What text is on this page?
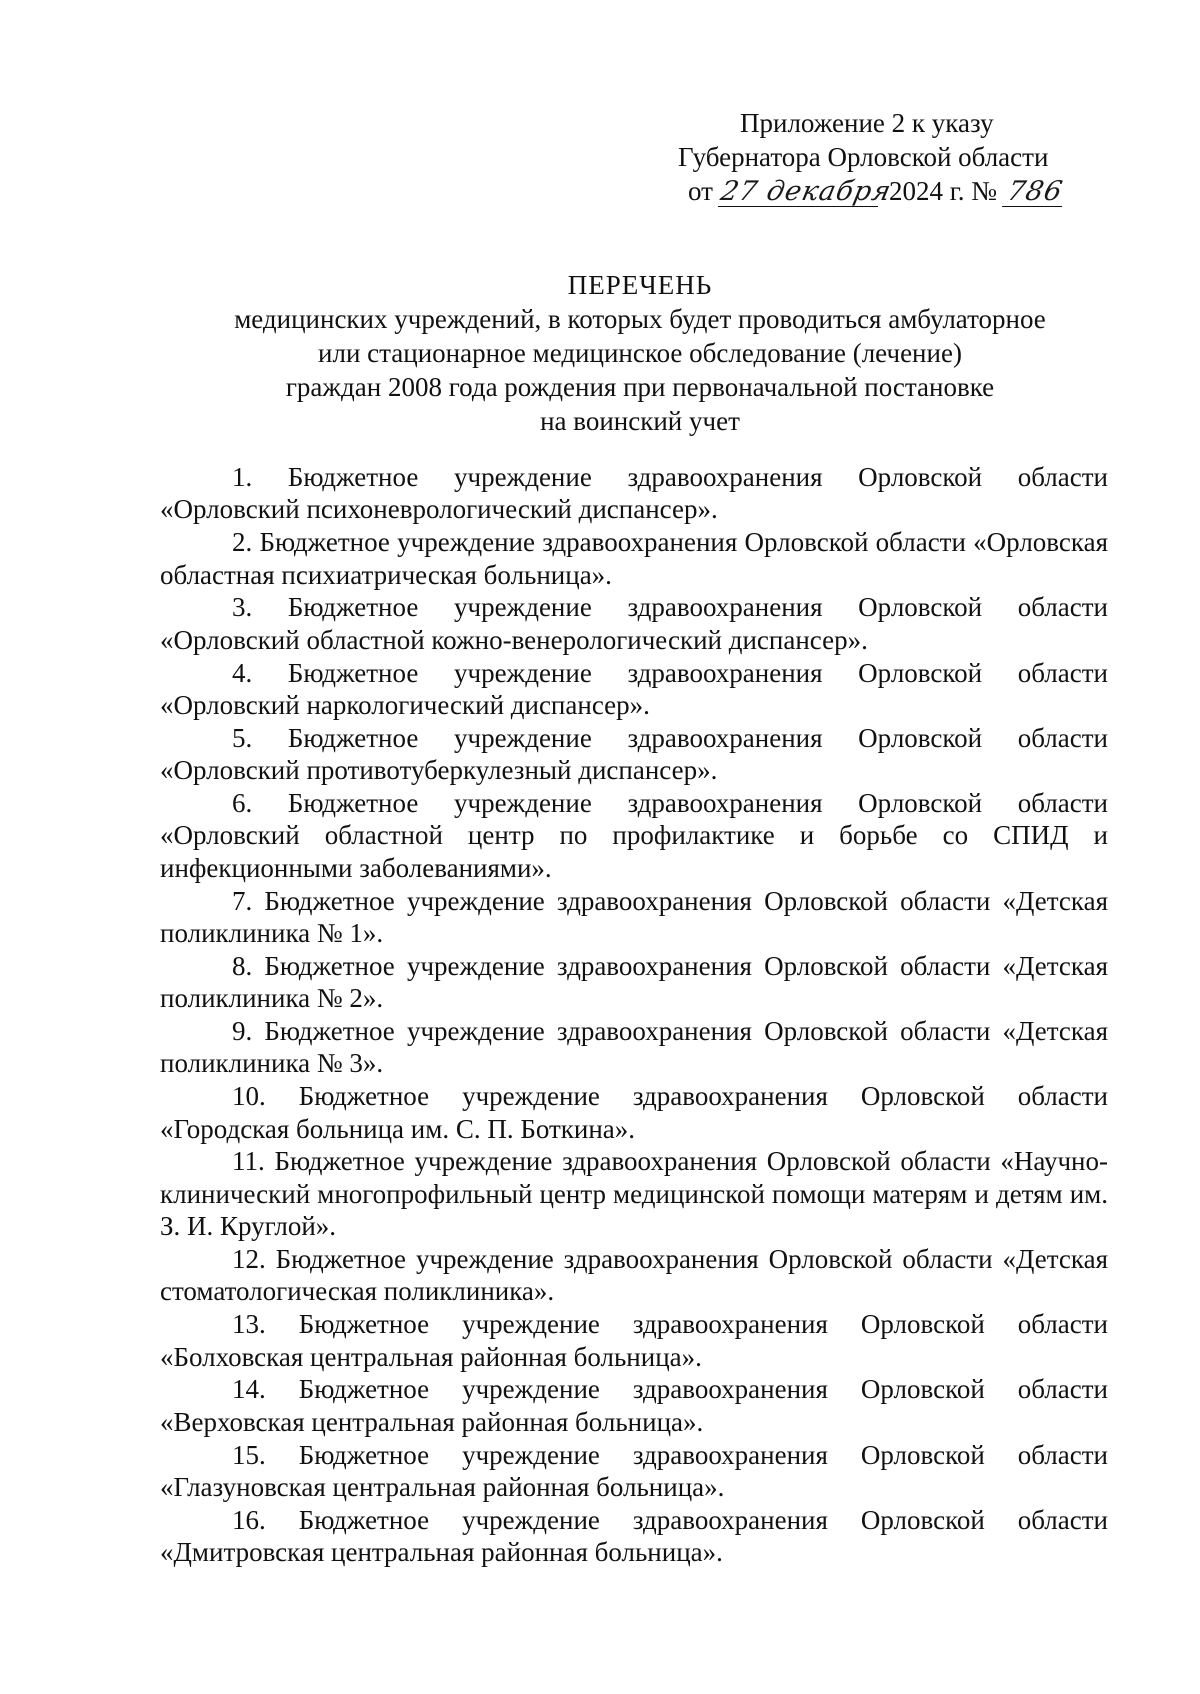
Приложение 2 к указу
Губернатора Орловской области
от 27 декабря
2024 г. № 786
ПЕРЕЧЕНЬ
медицинских учреждений, в которых будет проводиться амбулаторное
или стационарное медицинское обследование (лечение)
граждан 2008 года рождения при первоначальной постановке
на воинский учет

1. Бюджетное учреждение здравоохранения Орловской области «Орловский психоневрологический диспансер».

2. Бюджетное учреждение здравоохранения Орловской области «Орловская областная психиатрическая больница».

3. Бюджетное учреждение здравоохранения Орловской области «Орловский областной кожно-венерологический диспансер».

4. Бюджетное учреждение здравоохранения Орловской области «Орловский наркологический диспансер».

5. Бюджетное учреждение здравоохранения Орловской области «Орловский противотуберкулезный диспансер».

6. Бюджетное учреждение здравоохранения Орловской области «Орловский областной центр по профилактике и борьбе со СПИД и инфекционными заболеваниями».

7. Бюджетное учреждение здравоохранения Орловской области «Детская поликлиника № 1».

8. Бюджетное учреждение здравоохранения Орловской области «Детская поликлиника № 2».

9. Бюджетное учреждение здравоохранения Орловской области «Детская поликлиника № 3».

10. Бюджетное учреждение здравоохранения Орловской области «Городская больница им. С. П. Боткина».

11. Бюджетное учреждение здравоохранения Орловской области «Научно-клинический многопрофильный центр медицинской помощи матерям и детям им. З. И. Круглой».

12. Бюджетное учреждение здравоохранения Орловской области «Детская стоматологическая поликлиника».

13. Бюджетное учреждение здравоохранения Орловской области «Болховская центральная районная больница».

14. Бюджетное учреждение здравоохранения Орловской области «Верховская центральная районная больница».

15. Бюджетное учреждение здравоохранения Орловской области «Глазуновская центральная районная больница».

16. Бюджетное учреждение здравоохранения Орловской области «Дмитровская центральная районная больница».
